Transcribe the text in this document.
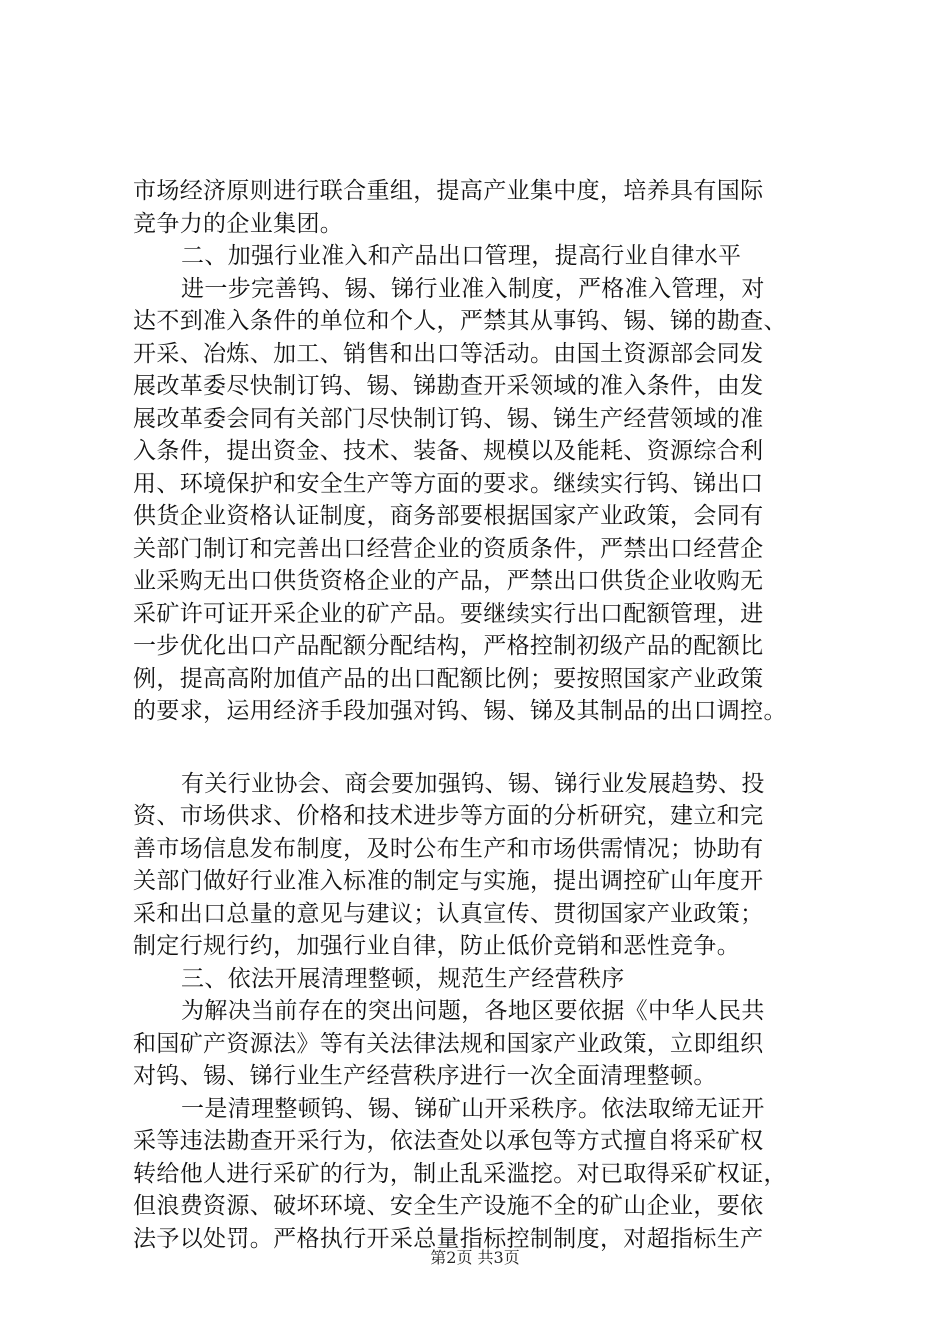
市场经济原则进行联合重组，提高产业集中度，培养具有国际
竞争力的企业集团。
二、加强行业准入和产品出口管理，提高行业自律水平
进一步完善钨、锡、锑行业准入制度，严格准入管理，对
达不到准入条件的单位和个人，严禁其从事钨、锡、锑的勘查、
开采、冶炼、加工、销售和出口等活动。由国土资源部会同发
展改革委尽快制订钨、锡、锑勘查开采领域的准入条件，由发
展改革委会同有关部门尽快制订钨、锡、锑生产经营领域的准
入条件，提出资金、技术、装备、规模以及能耗、资源综合利
用、环境保护和安全生产等方面的要求。继续实行钨、锑出口
供货企业资格认证制度，商务部要根据国家产业政策，会同有
关部门制订和完善出口经营企业的资质条件，严禁出口经营企
业采购无出口供货资格企业的产品，严禁出口供货企业收购无
采矿许可证开采企业的矿产品。要继续实行出口配额管理，进
一步优化出口产品配额分配结构，严格控制初级产品的配额比
例，提高高附加值产品的出口配额比例；要按照国家产业政策
的要求，运用经济手段加强对钨、锡、锑及其制品的出口调控。
有关行业协会、商会要加强钨、锡、锑行业发展趋势、投
资、市场供求、价格和技术进步等方面的分析研究，建立和完
善市场信息发布制度，及时公布生产和市场供需情况；协助有
关部门做好行业准入标准的制定与实施，提出调控矿山年度开
采和出口总量的意见与建议；认真宣传、贯彻国家产业政策；
制定行规行约，加强行业自律，防止低价竞销和恶性竞争。
三、依法开展清理整顿，规范生产经营秩序
为解决当前存在的突出问题，各地区要依据《中华人民共
和国矿产资源法》等有关法律法规和国家产业政策，立即组织
对钨、锡、锑行业生产经营秩序进行一次全面清理整顿。
一是清理整顿钨、锡、锑矿山开采秩序。依法取缔无证开
采等违法勘查开采行为，依法查处以承包等方式擅自将采矿权
转给他人进行采矿的行为，制止乱采滥挖。对已取得采矿权证，
但浪费资源、破坏环境、安全生产设施不全的矿山企业，要依
法予以处罚。严格执行开采总量指标控制制度，对超指标生产
第2页 共3页
